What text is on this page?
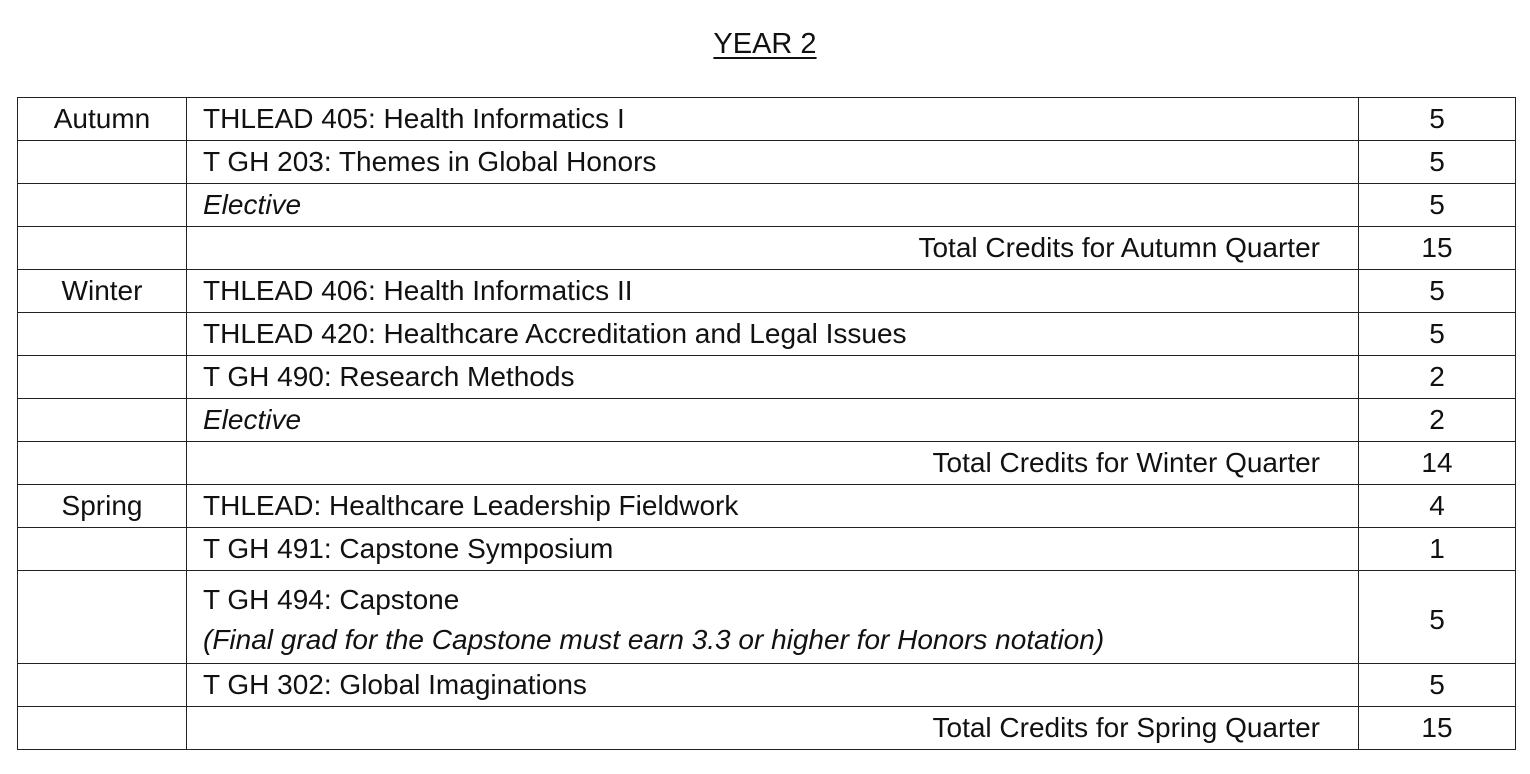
YEAR 2
Autumn	THLEAD 405: Health Informatics I	5
	T GH 203: Themes in Global Honors	5
	Elective	5
	Total Credits for Autumn Quarter	15
Winter	THLEAD 406: Health Informatics II	5
	THLEAD 420: Healthcare Accreditation and Legal Issues	5
	T GH 490: Research Methods	2
	Elective	2
	Total Credits for Winter Quarter	14
Spring	THLEAD: Healthcare Leadership Fieldwork	4
	T GH 491: Capstone Symposium	1
	T GH 494: Capstone
(Final grad for the Capstone must earn 3.3 or higher for Honors notation)	5
	T GH 302: Global Imaginations	5
	Total Credits for Spring Quarter	15
